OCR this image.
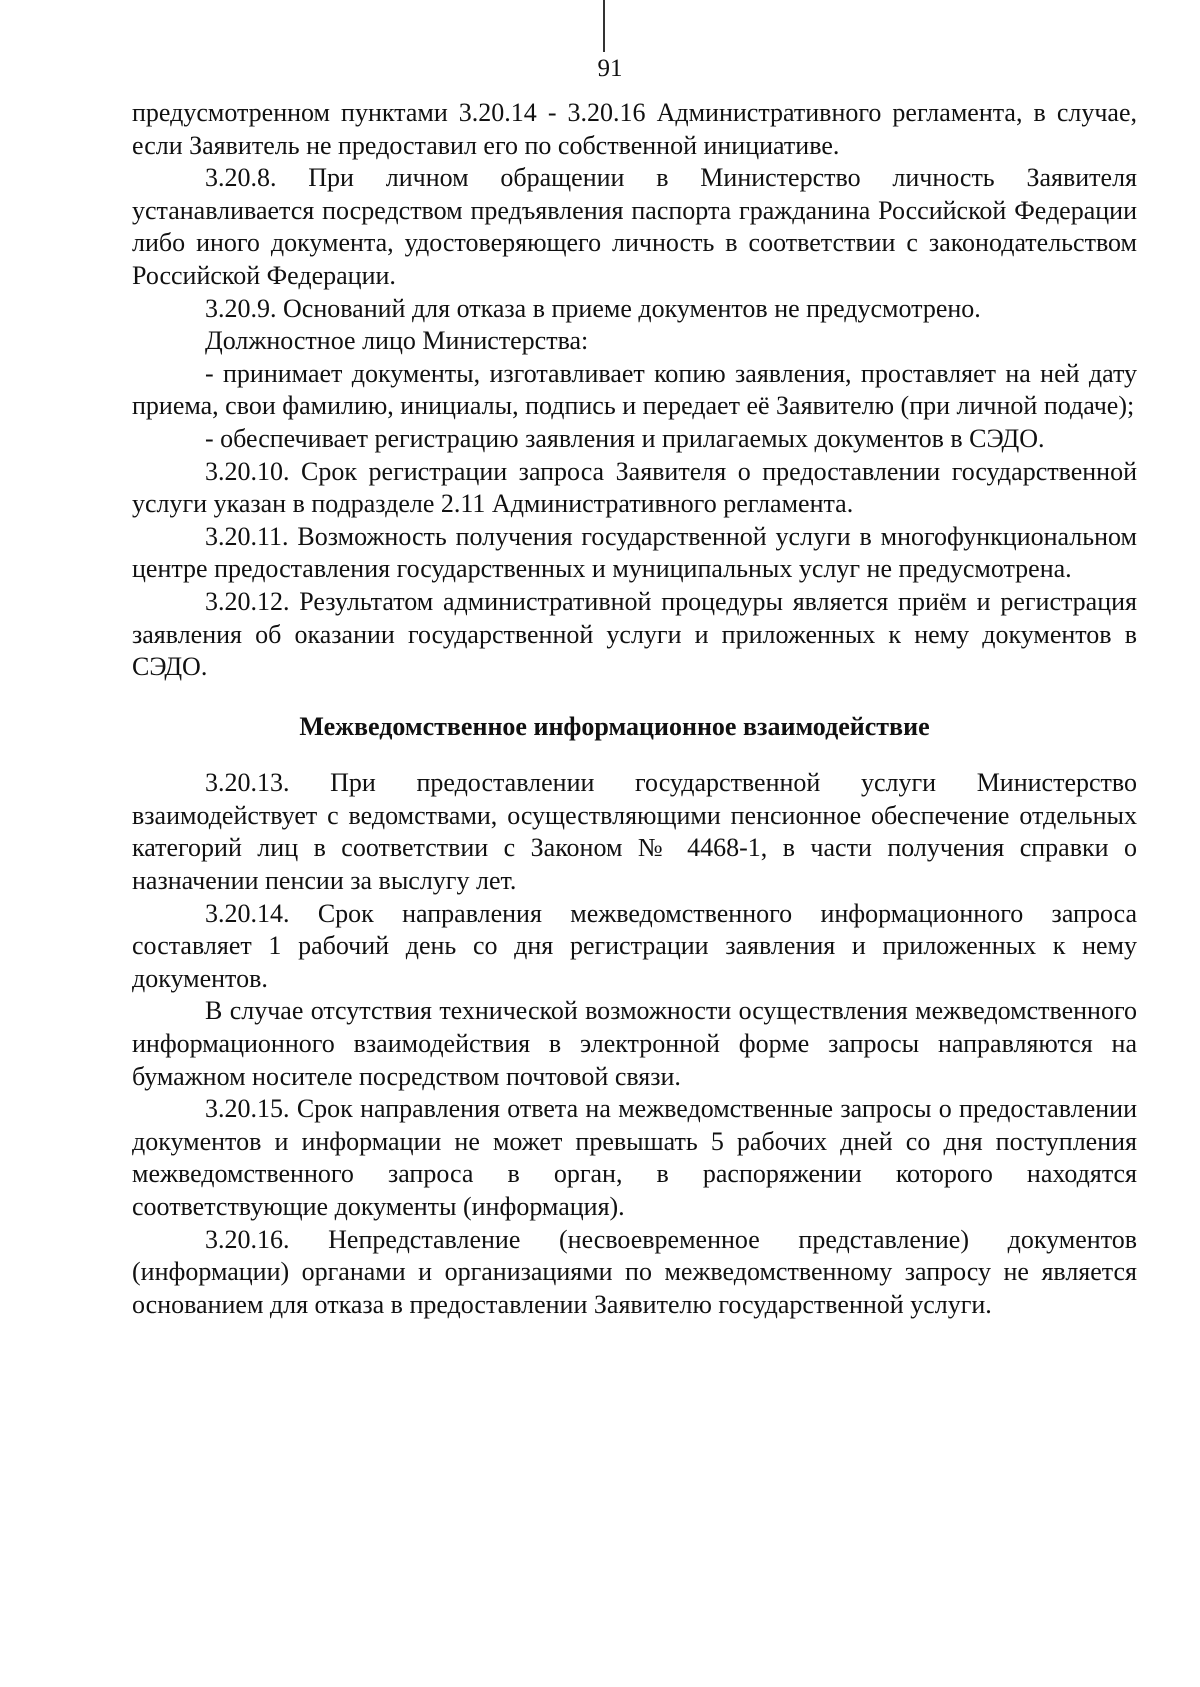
91

предусмотренном пунктами 3.20.14 - 3.20.16 Административного регламента, в случае, если Заявитель не предоставил его по собственной инициативе.

3.20.8. При личном обращении в Министерство личность Заявителя устанавливается посредством предъявления паспорта гражданина Российской Федерации либо иного документа, удостоверяющего личность в соответствии с законодательством Российской Федерации.

3.20.9. Оснований для отказа в приеме документов не предусмотрено.

Должностное лицо Министерства:

- принимает документы, изготавливает копию заявления, проставляет на ней дату приема, свои фамилию, инициалы, подпись и передает её Заявителю (при личной подаче);

- обеспечивает регистрацию заявления и прилагаемых документов в СЭДО.

3.20.10. Срок регистрации запроса Заявителя о предоставлении государственной услуги указан в подразделе 2.11 Административного регламента.

3.20.11. Возможность получения государственной услуги в многофункциональном центре предоставления государственных и муниципальных услуг не предусмотрена.

3.20.12. Результатом административной процедуры является приём и регистрация заявления об оказании государственной услуги и приложенных к нему документов в СЭДО.

Межведомственное информационное взаимодействие

3.20.13. При предоставлении государственной услуги Министерство взаимодействует с ведомствами, осуществляющими пенсионное обеспечение отдельных категорий лиц в соответствии с Законом № 4468-1, в части получения справки о назначении пенсии за выслугу лет.

3.20.14. Срок направления межведомственного информационного запроса составляет 1 рабочий день со дня регистрации заявления и приложенных к нему документов.

В случае отсутствия технической возможности осуществления межведомственного информационного взаимодействия в электронной форме запросы направляются на бумажном носителе посредством почтовой связи.

3.20.15. Срок направления ответа на межведомственные запросы о предоставлении документов и информации не может превышать 5 рабочих дней со дня поступления межведомственного запроса в орган, в распоряжении которого находятся соответствующие документы (информация).

3.20.16. Непредставление (несвоевременное представление) документов (информации) органами и организациями по межведомственному запросу не является основанием для отказа в предоставлении Заявителю государственной услуги.
